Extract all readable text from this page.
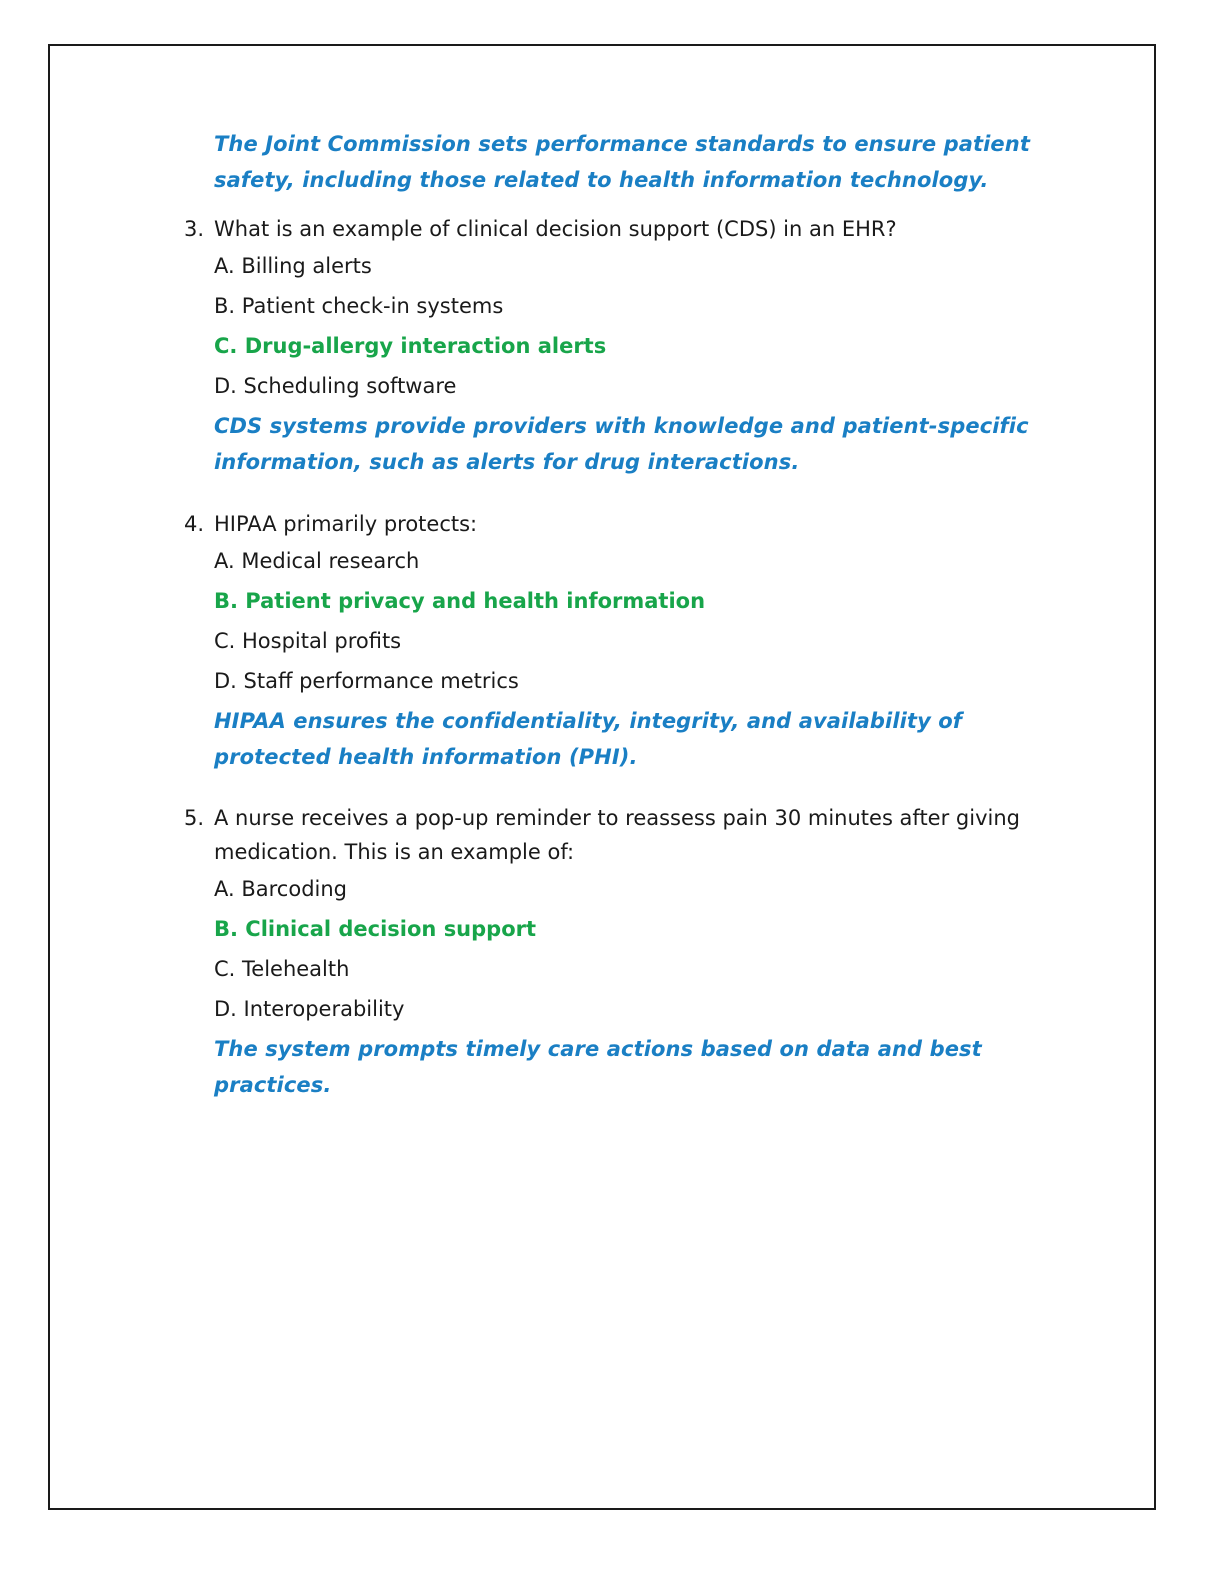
The Joint Commission sets performance standards to ensure patient safety, including those related to health information technology.

3. What is an example of clinical decision support (CDS) in an EHR?
A. Billing alerts
B. Patient check-in systems
C. Drug-allergy interaction alerts
D. Scheduling software

CDS systems provide providers with knowledge and patient-specific information, such as alerts for drug interactions.

4. HIPAA primarily protects:
A. Medical research
B. Patient privacy and health information
C. Hospital profits
D. Staff performance metrics

HIPAA ensures the confidentiality, integrity, and availability of protected health information (PHI).

5. A nurse receives a pop-up reminder to reassess pain 30 minutes after giving medication. This is an example of:
A. Barcoding
B. Clinical decision support
C. Telehealth
D. Interoperability

The system prompts timely care actions based on data and best practices.
